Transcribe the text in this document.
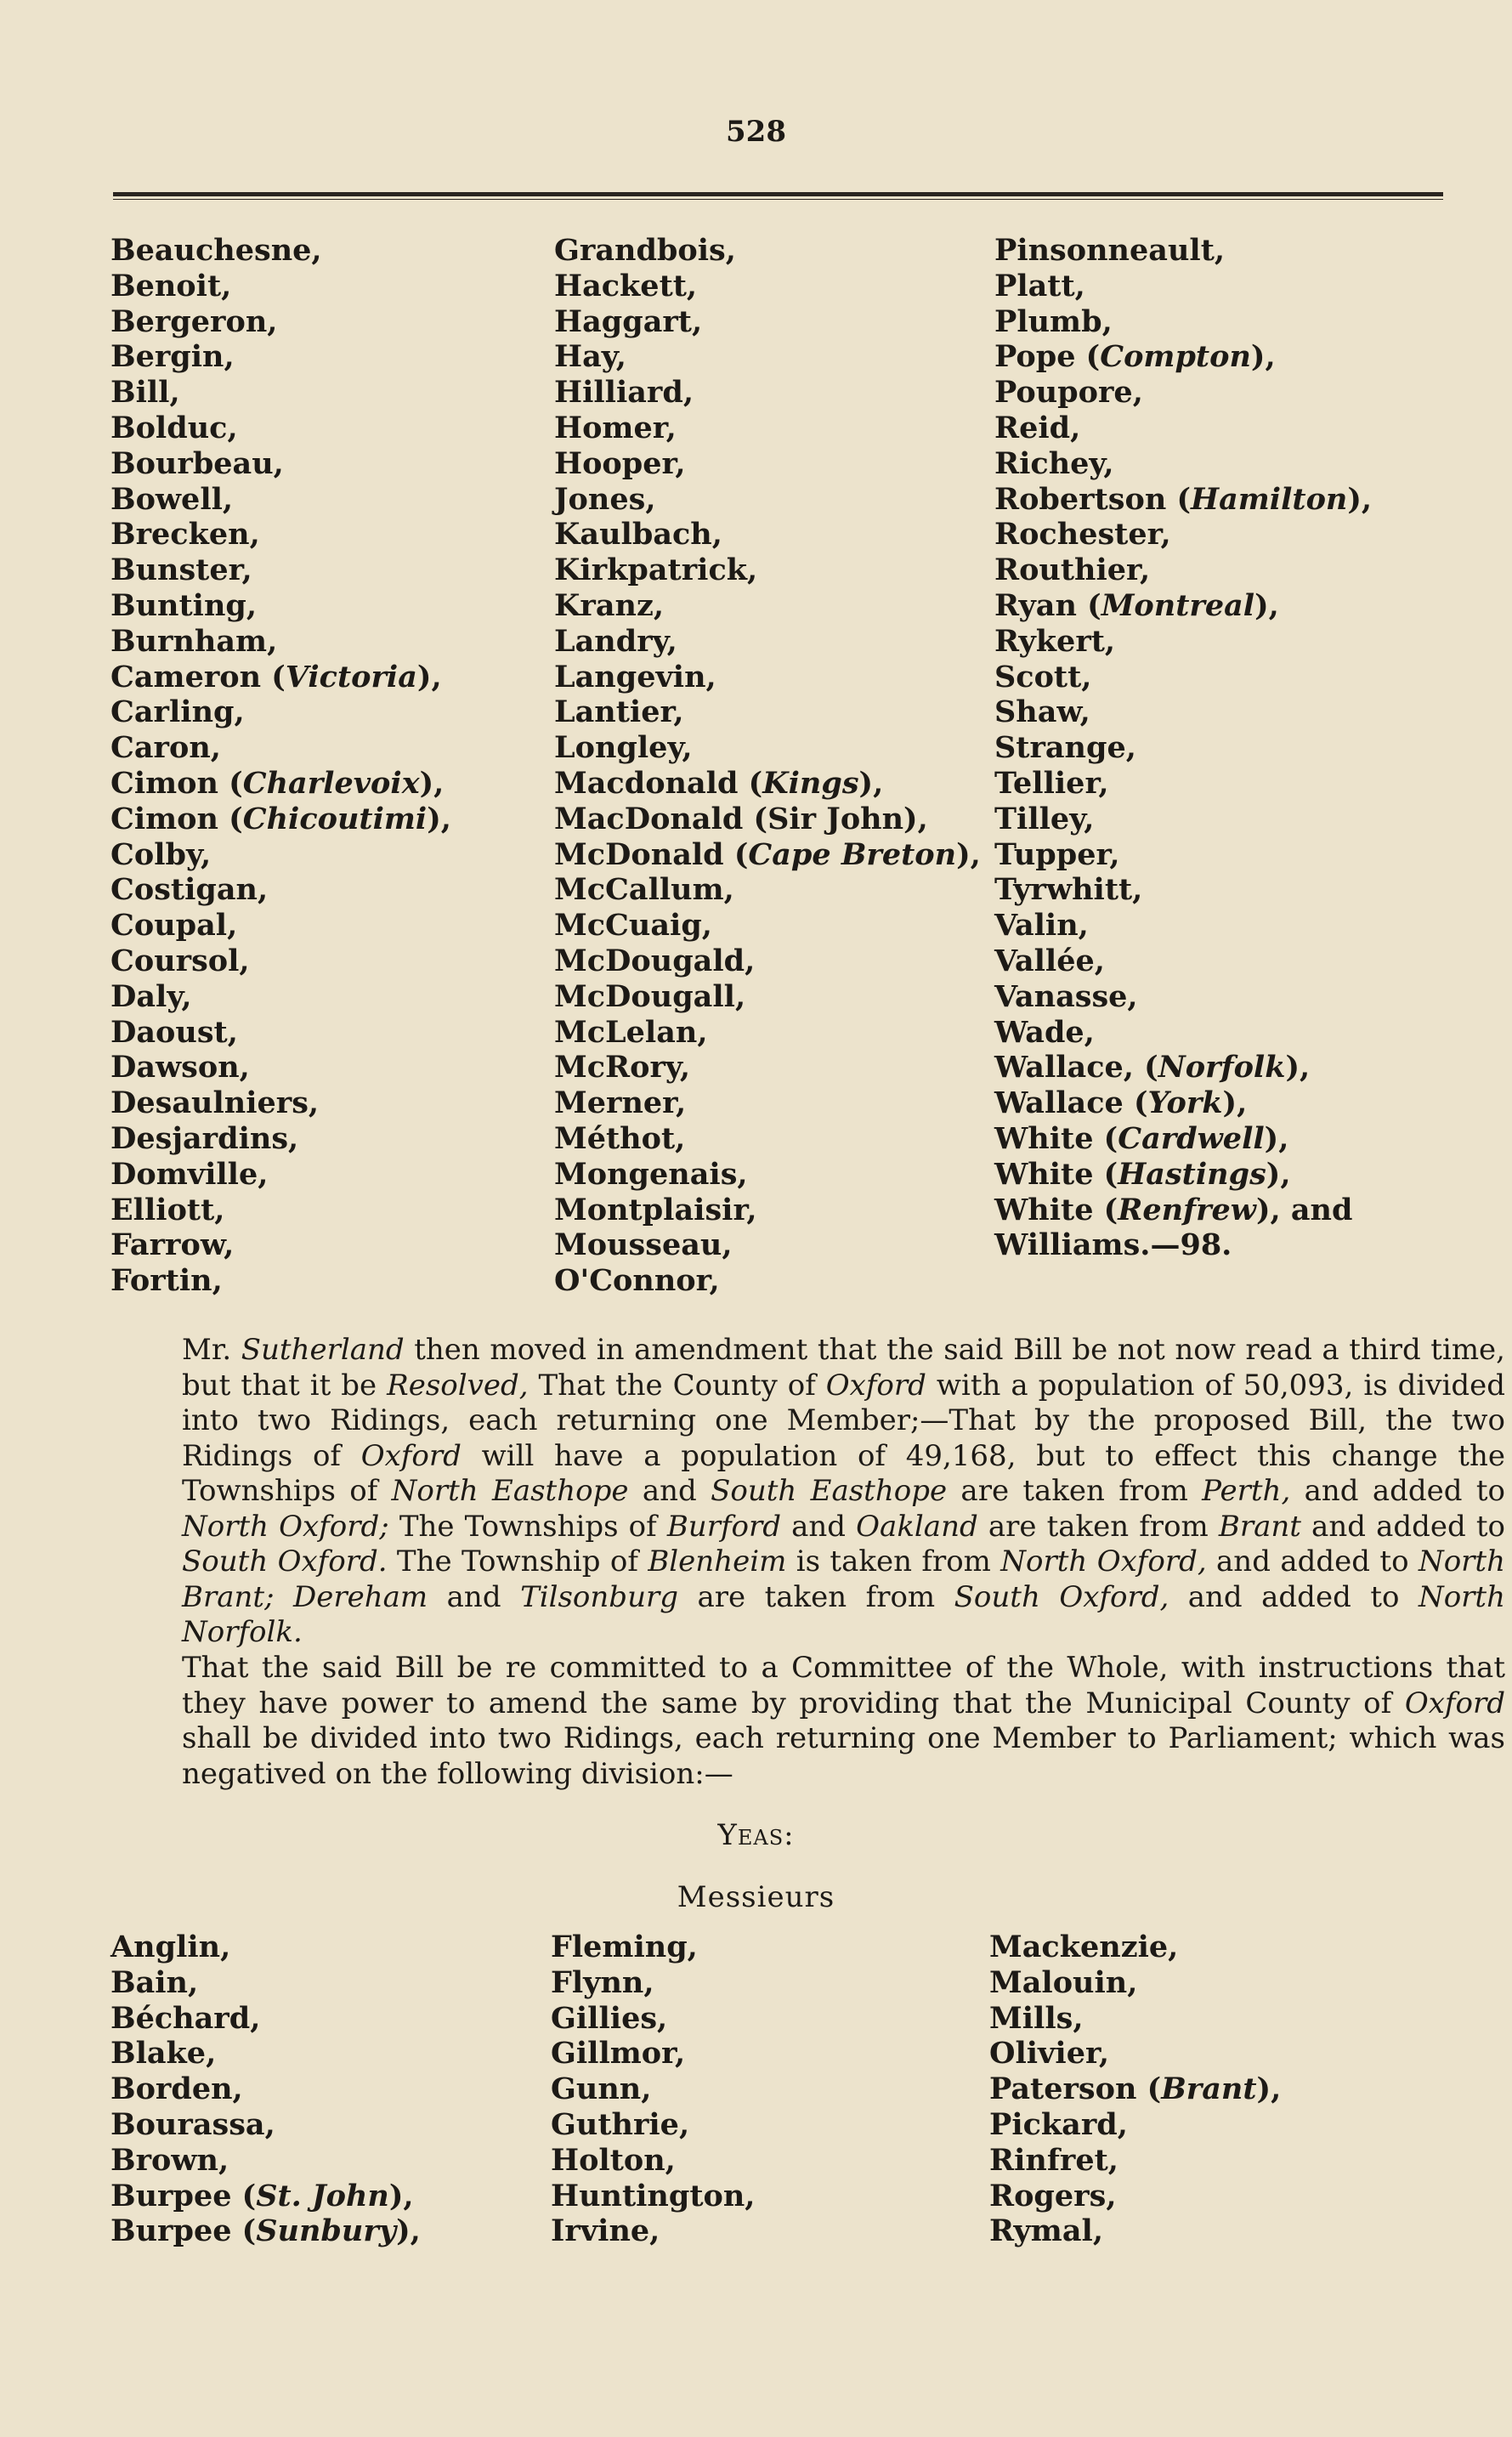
528
Beauchesne,
Benoit,
Bergeron,
Bergin,
Bill,
Bolduc,
Bourbeau,
Bowell,
Brecken,
Bunster,
Bunting,
Burnham,
Cameron (Victoria),
Carling,
Caron,
Cimon (Charlevoix),
Cimon (Chicoutimi),
Colby,
Costigan,
Coupal,
Coursol,
Daly,
Daoust,
Dawson,
Desaulniers,
Desjardins,
Domville,
Elliott,
Farrow,
Fortin,
Grandbois,
Hackett,
Haggart,
Hay,
Hilliard,
Homer,
Hooper,
Jones,
Kaulbach,
Kirkpatrick,
Kranz,
Landry,
Langevin,
Lantier,
Longley,
Macdonald (Kings),
MacDonald (Sir John),
McDonald (Cape Breton),
McCallum,
McCuaig,
McDougald,
McDougall,
McLelan,
McRory,
Merner,
Méthot,
Mongenais,
Montplaisir,
Mousseau,
O'Connor,
Pinsonneault,
Platt,
Plumb,
Pope (Compton),
Poupore,
Reid,
Richey,
Robertson (Hamilton),
Rochester,
Routhier,
Ryan (Montreal),
Rykert,
Scott,
Shaw,
Strange,
Tellier,
Tilley,
Tupper,
Tyrwhitt,
Valin,
Vallée,
Vanasse,
Wade,
Wallace, (Norfolk),
Wallace (York),
White (Cardwell),
White (Hastings),
White (Renfrew), and
Williams.—98.

Mr. Sutherland then moved in amendment that the said Bill be not now read a third time, but that it be Resolved, That the County of Oxford with a population of 50,093, is divided into two Ridings, each returning one Member;—That by the proposed Bill, the two Ridings of Oxford will have a population of 49,168, but to effect this change the Townships of North Easthope and South Easthope are taken from Perth, and added to North Oxford; The Townships of Burford and Oakland are taken from Brant and added to South Oxford. The Township of Blenheim is taken from North Oxford, and added to North Brant; Dereham and Tilsonburg are taken from South Oxford, and added to North Norfolk.

That the said Bill be re committed to a Committee of the Whole, with instructions that they have power to amend the same by providing that the Municipal County of Oxford shall be divided into two Ridings, each returning one Member to Parliament; which was negatived on the following division:—

Yeas:
Messieurs
Anglin,
Bain,
Béchard,
Blake,
Borden,
Bourassa,
Brown,
Burpee (St. John),
Burpee (Sunbury),
Fleming,
Flynn,
Gillies,
Gillmor,
Gunn,
Guthrie,
Holton,
Huntington,
Irvine,
Mackenzie,
Malouin,
Mills,
Olivier,
Paterson (Brant),
Pickard,
Rinfret,
Rogers,
Rymal,
